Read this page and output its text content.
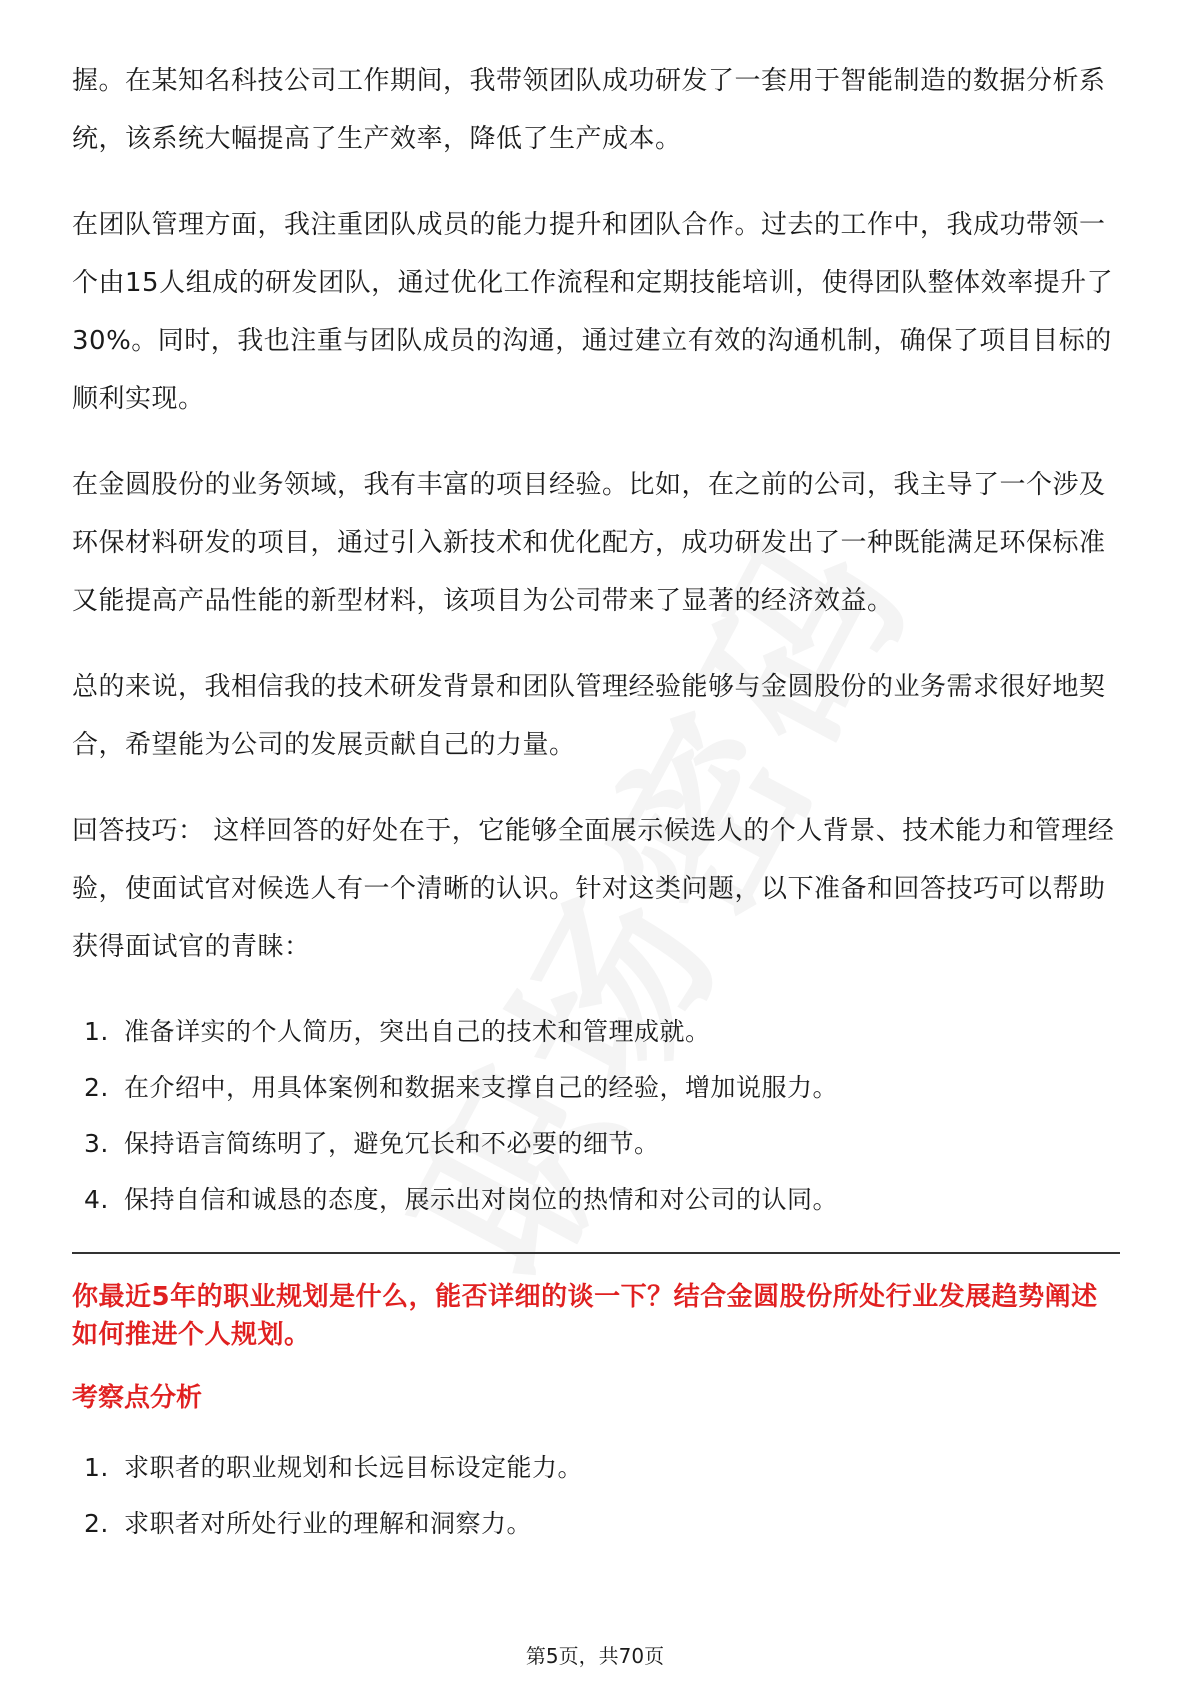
握。在某知名科技公司工作期间，我带领团队成功研发了一套用于智能制造的数据分析系统，该系统大幅提高了生产效率，降低了生产成本。

在团队管理方面，我注重团队成员的能力提升和团队合作。过去的工作中，我成功带领一个由15人组成的研发团队，通过优化工作流程和定期技能培训，使得团队整体效率提升了30%。同时，我也注重与团队成员的沟通，通过建立有效的沟通机制，确保了项目目标的顺利实现。

在金圆股份的业务领域，我有丰富的项目经验。比如，在之前的公司，我主导了一个涉及环保材料研发的项目，通过引入新技术和优化配方，成功研发出了一种既能满足环保标准又能提高产品性能的新型材料，该项目为公司带来了显著的经济效益。

总的来说，我相信我的技术研发背景和团队管理经验能够与金圆股份的业务需求很好地契合，希望能为公司的发展贡献自己的力量。

回答技巧： 这样回答的好处在于，它能够全面展示候选人的个人背景、技术能力和管理经验，使面试官对候选人有一个清晰的认识。针对这类问题，以下准备和回答技巧可以帮助获得面试官的青睐：

1. 准备详实的个人简历，突出自己的技术和管理成就。
2. 在介绍中，用具体案例和数据来支撑自己的经验，增加说服力。
3. 保持语言简练明了，避免冗长和不必要的细节。
4. 保持自信和诚恳的态度，展示出对岗位的热情和对公司的认同。
你最近5年的职业规划是什么，能否详细的谈一下？结合金圆股份所处行业发展趋势阐述如何推进个人规划。
考察点分析
1. 求职者的职业规划和长远目标设定能力。
2. 求职者对所处行业的理解和洞察力。
第5页，共70页
